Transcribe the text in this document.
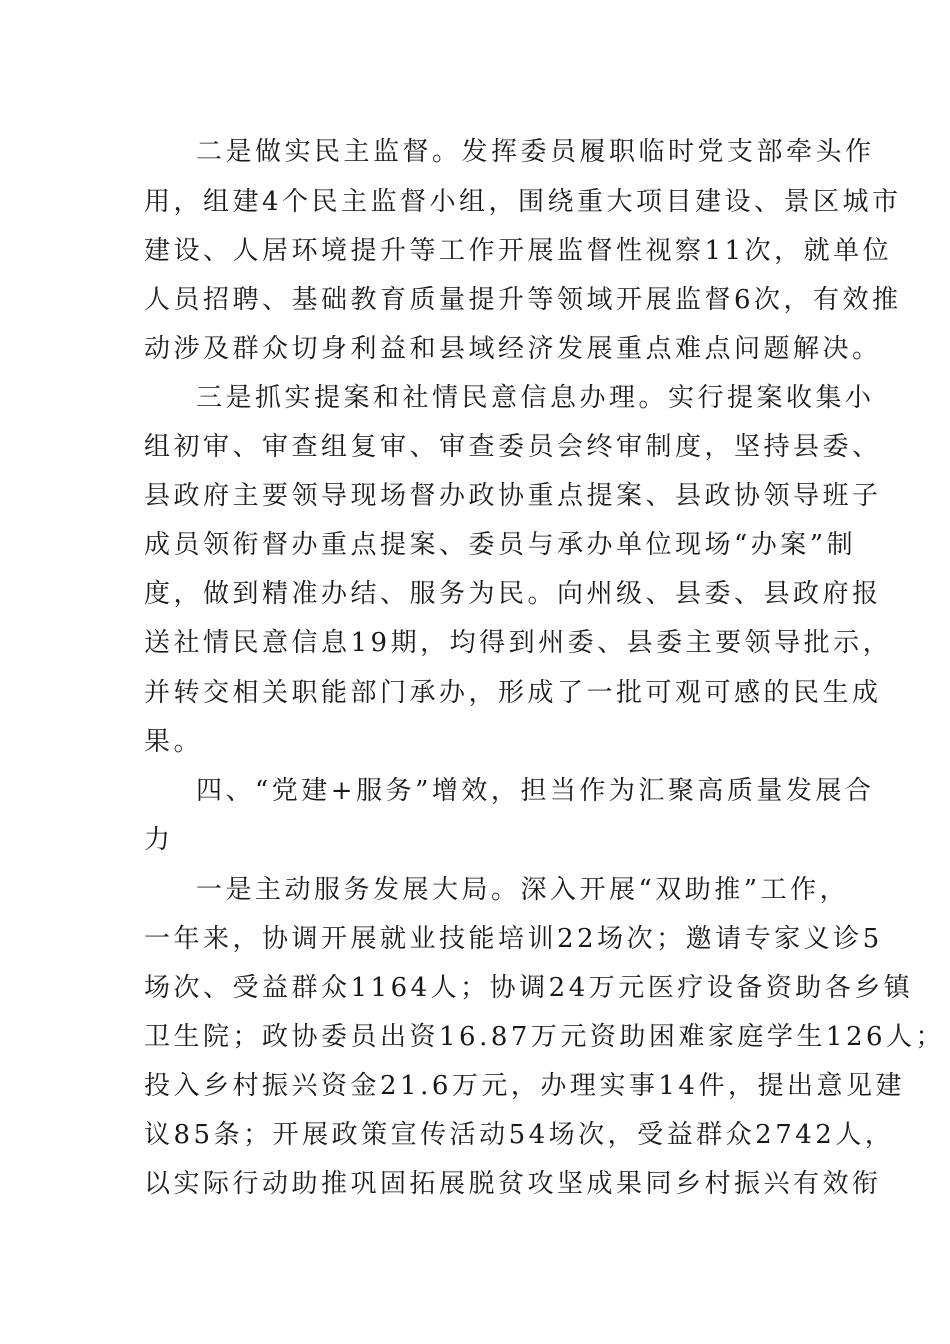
二是做实民主监督。发挥委员履职临时党支部牵头作
用，组建4个民主监督小组，围绕重大项目建设、景区城市
建设、人居环境提升等工作开展监督性视察11次，就单位
人员招聘、基础教育质量提升等领域开展监督6次，有效推
动涉及群众切身利益和县域经济发展重点难点问题解决。
三是抓实提案和社情民意信息办理。实行提案收集小
组初审、审查组复审、审查委员会终审制度，坚持县委、
县政府主要领导现场督办政协重点提案、县政协领导班子
成员领衔督办重点提案、委员与承办单位现场“办案”制
度，做到精准办结、服务为民。向州级、县委、县政府报
送社情民意信息19期，均得到州委、县委主要领导批示，
并转交相关职能部门承办，形成了一批可观可感的民生成
果。
四、“党建+服务”增效，担当作为汇聚高质量发展合
力
一是主动服务发展大局。深入开展“双助推”工作，
一年来，协调开展就业技能培训22场次；邀请专家义诊5
场次、受益群众1164人；协调24万元医疗设备资助各乡镇
卫生院；政协委员出资16.87万元资助困难家庭学生126人；
投入乡村振兴资金21.6万元，办理实事14件，提出意见建
议85条；开展政策宣传活动54场次，受益群众2742人，
以实际行动助推巩固拓展脱贫攻坚成果同乡村振兴有效衔
